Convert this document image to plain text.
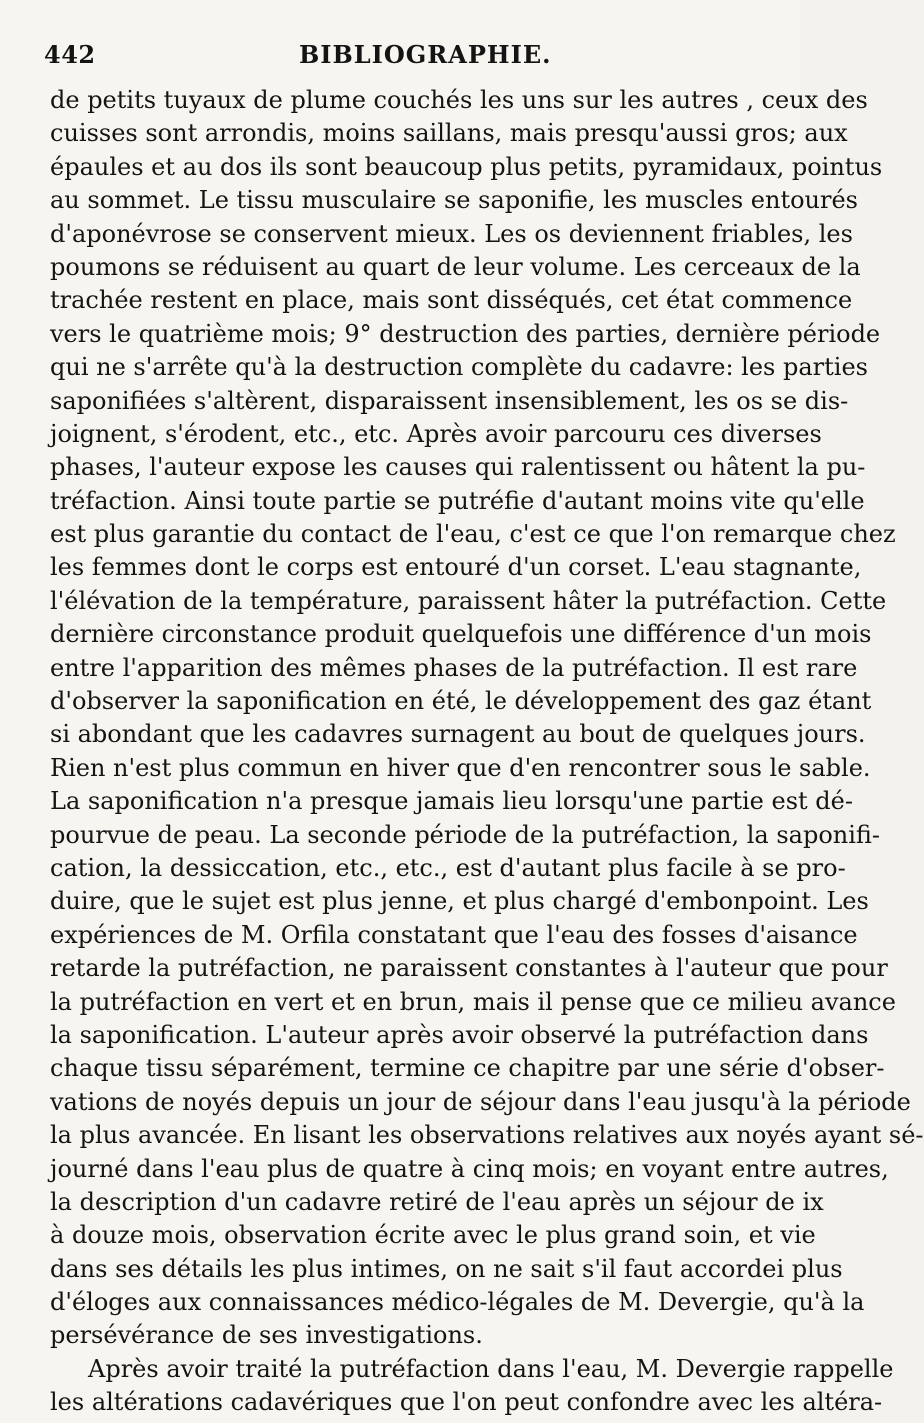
442	BIBLIOGRAPHIE.
de petits tuyaux de plume couchés les uns sur les autres , ceux des
cuisses sont arrondis, moins saillans, mais presqu'aussi gros; aux
épaules et au dos ils sont beaucoup plus petits, pyramidaux, pointus
au sommet. Le tissu musculaire se saponifie, les muscles entourés
d'aponévrose se conservent mieux. Les os deviennent friables, les
poumons se réduisent au quart de leur volume. Les cerceaux de la
trachée restent en place, mais sont disséqués, cet état commence
vers le quatrième mois; 9° destruction des parties, dernière période
qui ne s'arrête qu'à la destruction complète du cadavre: les parties
saponifiées s'altèrent, disparaissent insensiblement, les os se dis-
joignent, s'érodent, etc., etc. Après avoir parcouru ces diverses
phases, l'auteur expose les causes qui ralentissent ou hâtent la pu-
tréfaction. Ainsi toute partie se putréfie d'autant moins vite qu'elle
est plus garantie du contact de l'eau, c'est ce que l'on remarque chez
les femmes dont le corps est entouré d'un corset. L'eau stagnante,
l'élévation de la température, paraissent hâter la putréfaction. Cette
dernière circonstance produit quelquefois une différence d'un mois
entre l'apparition des mêmes phases de la putréfaction. Il est rare
d'observer la saponification en été, le développement des gaz étant
si abondant que les cadavres surnagent au bout de quelques jours.
Rien n'est plus commun en hiver que d'en rencontrer sous le sable.
La saponification n'a presque jamais lieu lorsqu'une partie est dé-
pourvue de peau. La seconde période de la putréfaction, la saponifi-
cation, la dessiccation, etc., etc., est d'autant plus facile à se pro-
duire, que le sujet est plus jenne, et plus chargé d'embonpoint. Les
expériences de M. Orfila constatant que l'eau des fosses d'aisance
retarde la putréfaction, ne paraissent constantes à l'auteur que pour
la putréfaction en vert et en brun, mais il pense que ce milieu avance
la saponification. L'auteur après avoir observé la putréfaction dans
chaque tissu séparément, termine ce chapitre par une série d'obser-
vations de noyés depuis un jour de séjour dans l'eau jusqu'à la période
la plus avancée. En lisant les observations relatives aux noyés ayant sé-
journé dans l'eau plus de quatre à cinq mois; en voyant entre autres,
la description d'un cadavre retiré de l'eau après un séjour de ix
à douze mois, observation écrite avec le plus grand soin, et vie
dans ses détails les plus intimes, on ne sait s'il faut accordei plus
d'éloges aux connaissances médico-légales de M. Devergie, qu'à la
persévérance de ses investigations.
Après avoir traité la putréfaction dans l'eau, M. Devergie rappelle
les altérations cadavériques que l'on peut confondre avec les altéra-
